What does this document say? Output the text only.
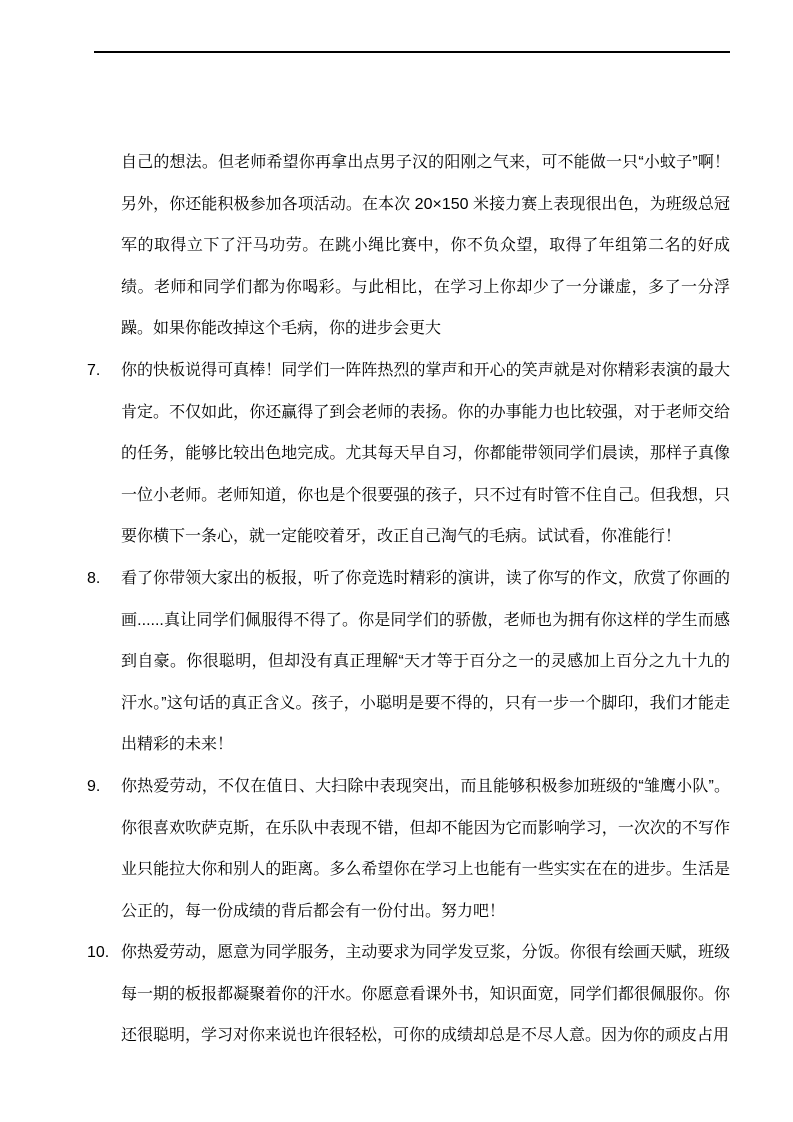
自己的想法。但老师希望你再拿出点男子汉的阳刚之气来，可不能做一只“小蚊子”啊！另外，你还能积极参加各项活动。在本次 20×150 米接力赛上表现很出色，为班级总冠军的取得立下了汗马功劳。在跳小绳比赛中，你不负众望，取得了年组第二名的好成绩。老师和同学们都为你喝彩。与此相比，在学习上你却少了一分谦虚，多了一分浮躁。如果你能改掉这个毛病，你的进步会更大

7.	你的快板说得可真棒！同学们一阵阵热烈的掌声和开心的笑声就是对你精彩表演的最大肯定。不仅如此，你还赢得了到会老师的表扬。你的办事能力也比较强，对于老师交给的任务，能够比较出色地完成。尤其每天早自习，你都能带领同学们晨读，那样子真像一位小老师。老师知道，你也是个很要强的孩子，只不过有时管不住自己。但我想，只要你横下一条心，就一定能咬着牙，改正自己淘气的毛病。试试看，你准能行！
8.	看了你带领大家出的板报，听了你竞选时精彩的演讲，读了你写的作文，欣赏了你画的画......真让同学们佩服得不得了。你是同学们的骄傲，老师也为拥有你这样的学生而感到自豪。你很聪明，但却没有真正理解“天才等于百分之一的灵感加上百分之九十九的汗水。”这句话的真正含义。孩子，小聪明是要不得的，只有一步一个脚印，我们才能走出精彩的未来！
9.	你热爱劳动，不仅在值日、大扫除中表现突出，而且能够积极参加班级的“雏鹰小队”。你很喜欢吹萨克斯，在乐队中表现不错，但却不能因为它而影响学习，一次次的不写作业只能拉大你和别人的距离。多么希望你在学习上也能有一些实实在在的进步。生活是公正的，每一份成绩的背后都会有一份付出。努力吧！
10. 你热爱劳动，愿意为同学服务，主动要求为同学发豆浆，分饭。你很有绘画天赋，班级每一期的板报都凝聚着你的汗水。你愿意看课外书，知识面宽，同学们都很佩服你。你还很聪明，学习对你来说也许很轻松，可你的成绩却总是不尽人意。因为你的顽皮占用
